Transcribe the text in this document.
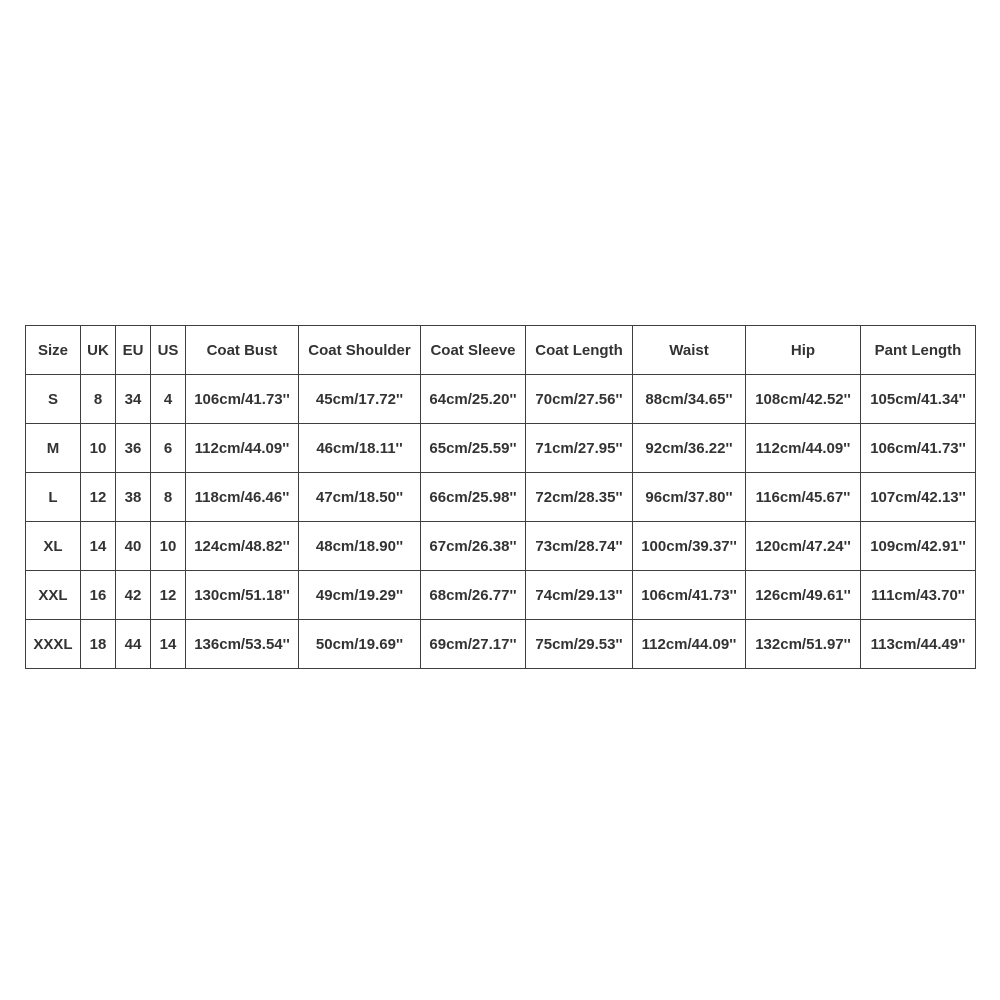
Size	UK	EU	US	Coat Bust	Coat Shoulder	Coat Sleeve	Coat Length	Waist	Hip	Pant Length
S	8	34	4	106cm/41.73''	45cm/17.72''	64cm/25.20''	70cm/27.56''	88cm/34.65''	108cm/42.52''	105cm/41.34''
M	10	36	6	112cm/44.09''	46cm/18.11''	65cm/25.59''	71cm/27.95''	92cm/36.22''	112cm/44.09''	106cm/41.73''
L	12	38	8	118cm/46.46''	47cm/18.50''	66cm/25.98''	72cm/28.35''	96cm/37.80''	116cm/45.67''	107cm/42.13''
XL	14	40	10	124cm/48.82''	48cm/18.90''	67cm/26.38''	73cm/28.74''	100cm/39.37''	120cm/47.24''	109cm/42.91''
XXL	16	42	12	130cm/51.18''	49cm/19.29''	68cm/26.77''	74cm/29.13''	106cm/41.73''	126cm/49.61''	111cm/43.70''
XXXL	18	44	14	136cm/53.54''	50cm/19.69''	69cm/27.17''	75cm/29.53''	112cm/44.09''	132cm/51.97''	113cm/44.49''
